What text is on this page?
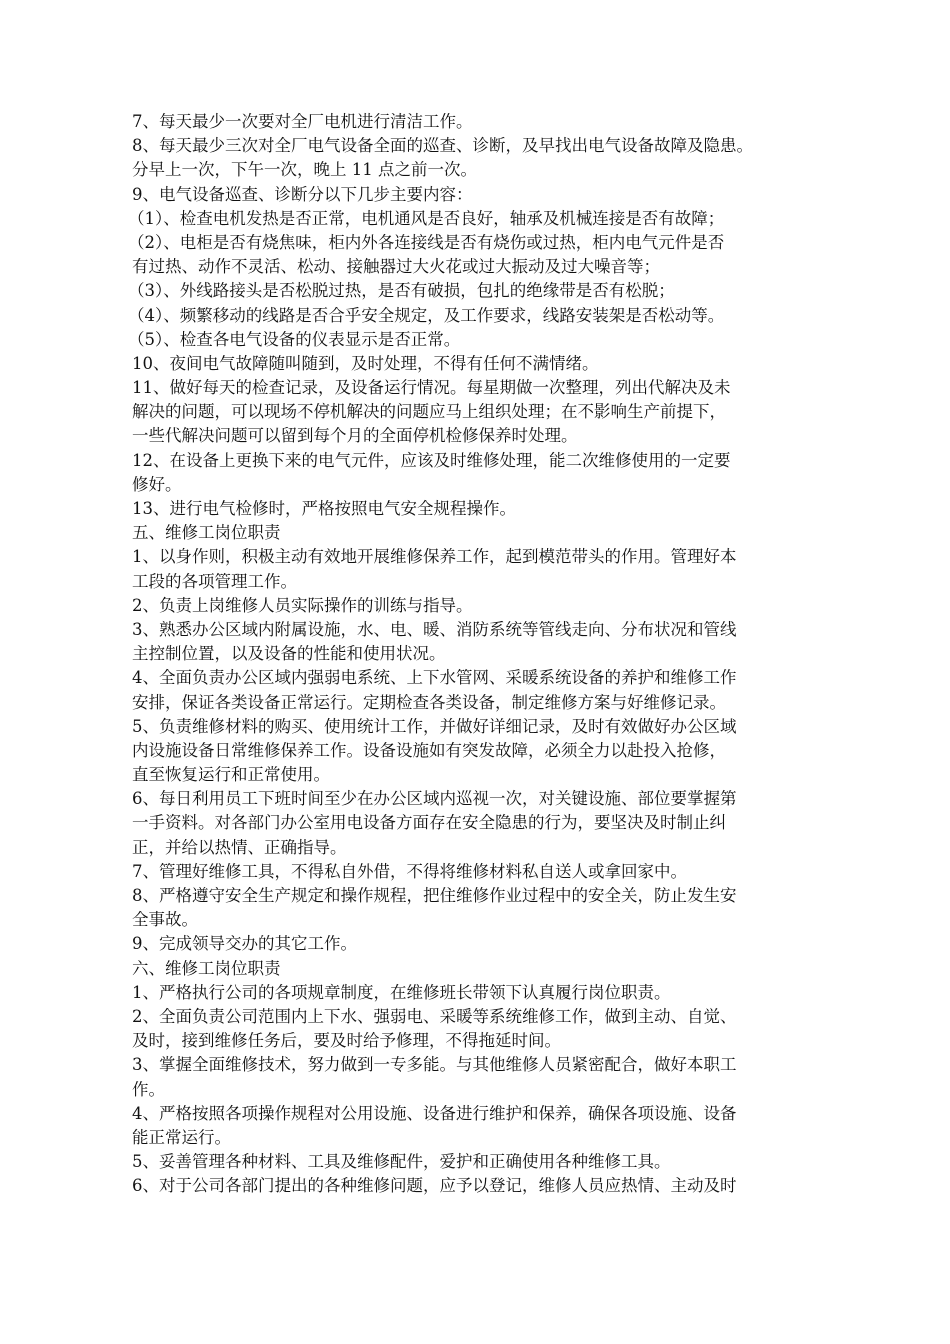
7、每天最少一次要对全厂电机进行清洁工作。
8、每天最少三次对全厂电气设备全面的巡查、诊断，及早找出电气设备故障及隐患。
分早上一次，下午一次，晚上 11 点之前一次。
9、电气设备巡查、诊断分以下几步主要内容：
（1）、检查电机发热是否正常，电机通风是否良好，轴承及机械连接是否有故障；
（2）、电柜是否有烧焦味，柜内外各连接线是否有烧伤或过热，柜内电气元件是否
有过热、动作不灵活、松动、接触器过大火花或过大振动及过大噪音等；
（3）、外线路接头是否松脱过热，是否有破损，包扎的绝缘带是否有松脱；
（4）、频繁移动的线路是否合乎安全规定，及工作要求，线路安装架是否松动等。
（5）、检查各电气设备的仪表显示是否正常。
10、夜间电气故障随叫随到，及时处理，不得有任何不满情绪。
11、做好每天的检查记录，及设备运行情况。每星期做一次整理，列出代解决及未
解决的问题，可以现场不停机解决的问题应马上组织处理；在不影响生产前提下，
一些代解决问题可以留到每个月的全面停机检修保养时处理。
12、在设备上更换下来的电气元件，应该及时维修处理，能二次维修使用的一定要
修好。
13、进行电气检修时，严格按照电气安全规程操作。
五、维修工岗位职责
1、以身作则，积极主动有效地开展维修保养工作，起到模范带头的作用。管理好本
工段的各项管理工作。
2、负责上岗维修人员实际操作的训练与指导。
3、熟悉办公区域内附属设施，水、电、暖、消防系统等管线走向、分布状况和管线
主控制位置，以及设备的性能和使用状况。
4、全面负责办公区域内强弱电系统、上下水管网、采暖系统设备的养护和维修工作
安排，保证各类设备正常运行。定期检查各类设备，制定维修方案与好维修记录。
5、负责维修材料的购买、使用统计工作，并做好详细记录，及时有效做好办公区域
内设施设备日常维修保养工作。设备设施如有突发故障，必须全力以赴投入抢修，
直至恢复运行和正常使用。
6、每日利用员工下班时间至少在办公区域内巡视一次，对关键设施、部位要掌握第
一手资料。对各部门办公室用电设备方面存在安全隐患的行为，要坚决及时制止纠
正，并给以热情、正确指导。
7、管理好维修工具，不得私自外借，不得将维修材料私自送人或拿回家中。
8、严格遵守安全生产规定和操作规程，把住维修作业过程中的安全关，防止发生安
全事故。
9、完成领导交办的其它工作。
六、维修工岗位职责
1、严格执行公司的各项规章制度，在维修班长带领下认真履行岗位职责。
2、全面负责公司范围内上下水、强弱电、采暖等系统维修工作，做到主动、自觉、
及时，接到维修任务后，要及时给予修理，不得拖延时间。
3、掌握全面维修技术，努力做到一专多能。与其他维修人员紧密配合，做好本职工
作。
4、严格按照各项操作规程对公用设施、设备进行维护和保养，确保各项设施、设备
能正常运行。
5、妥善管理各种材料、工具及维修配件，爱护和正确使用各种维修工具。
6、对于公司各部门提出的各种维修问题，应予以登记，维修人员应热情、主动及时
